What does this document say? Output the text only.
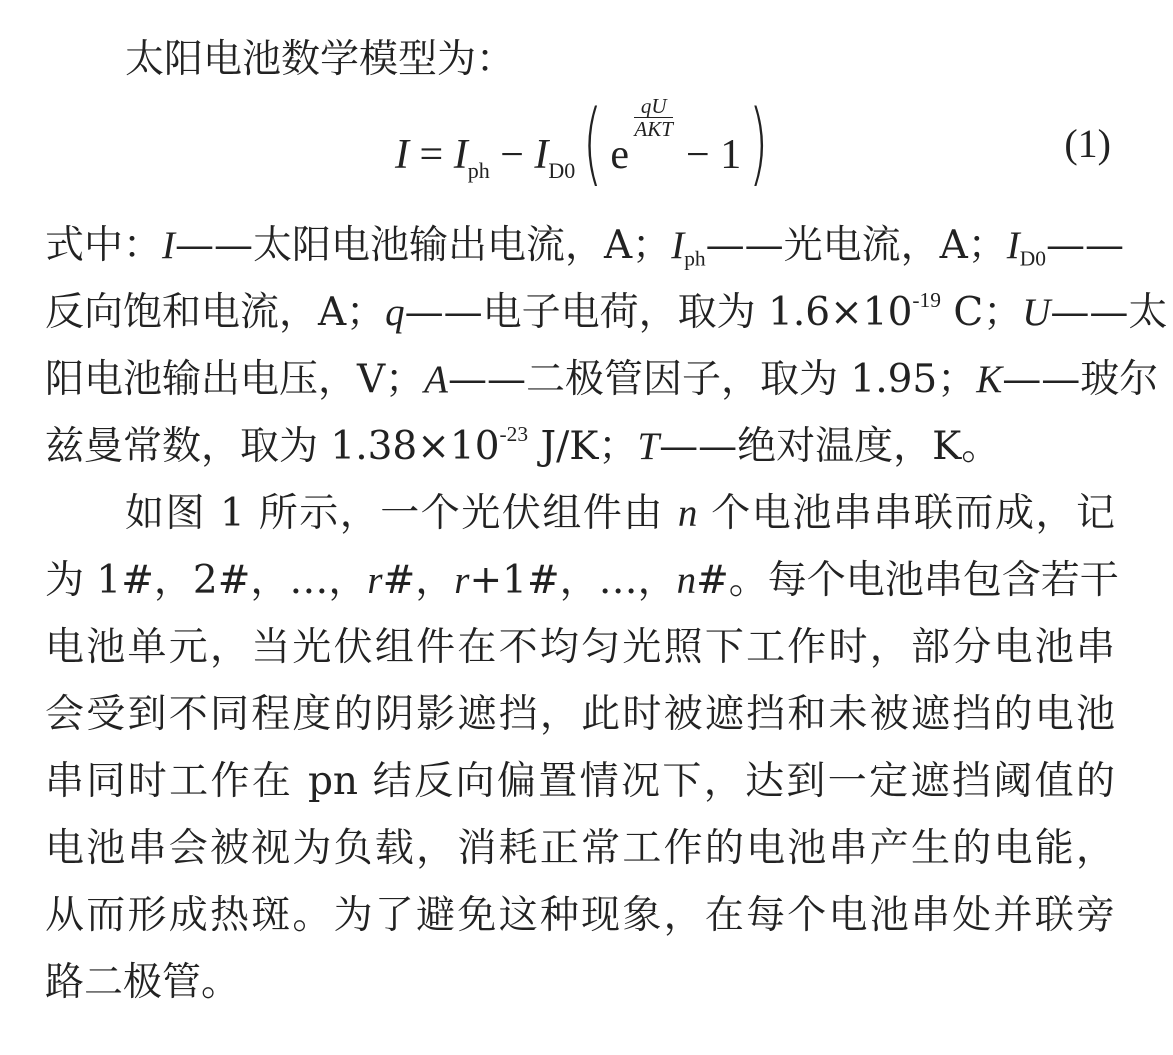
太阳电池数学模型为：
$I = I_{ph} - I_{D0}$( e
qU
AKT
− 1)	(1)
式中：I——太阳电池输出电流，A；$I_{ph}——$光电流，A；$I_{D0}——$
反向饱和电流，A；q——电子电荷，取为 $1.6\times 10^{-19}$ C；U——太
阳电池输出电压，V；A——二极管因子，取为 1.95；K——玻尔
兹曼常数，取为 $1.38\times 10^{-23}$ J/K；T——绝对温度，K。
如图 1 所示，一个光伏组件由 n 个电池串串联而成，记
为 1#，2#，…，r#，r+1#，…，n#。每个电池串包含若干
电池单元，当光伏组件在不均匀光照下工作时，部分电池串
会受到不同程度的阴影遮挡，此时被遮挡和未被遮挡的电池
串同时工作在 pn 结反向偏置情况下，达到一定遮挡阈值的
电池串会被视为负载，消耗正常工作的电池串产生的电能，
从而形成热斑。为了避免这种现象，在每个电池串处并联旁
路二极管。
